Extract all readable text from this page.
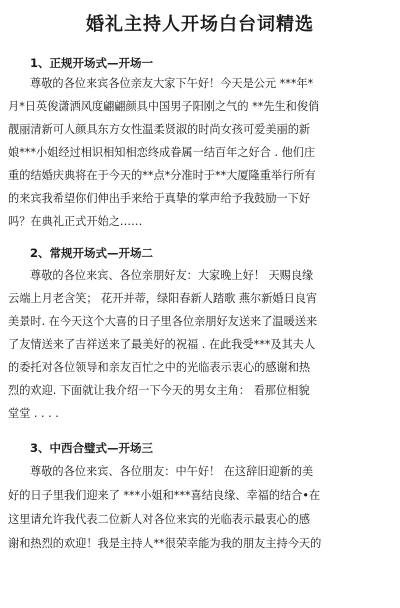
婚礼主持人开场白台词精选
1、正规开场式—开场一
尊敬的各位来宾各位亲友大家下午好！今天是公元 ***年*
月*日英俊潇洒风度翩翩颜具中国男子阳刚之气的 **先生和俊俏
靓丽清新可人颜具东方女性温柔贤淑的时尚女孩可爱美丽的新
娘***小姐经过相识相知相恋终成眷属一结百年之好合 . 他们庄
重的结婚庆典将在于今天的**点*分准时于**大厦隆重举行所有
的来宾我希望你们伸出手来给于真挚的掌声给予我鼓励一下好
吗？在典礼正式开始之……
2、常规开场式—开场二
尊敬的各位来宾、各位亲朋好友：大家晚上好！ 天赐良缘
云端上月老含笑； 花开并蒂，绿阳春新人踏歌 燕尔新婚日良宵
美景时. 在今天这个大喜的日子里各位亲朋好友送来了温暖送来
了友情送来了吉祥送来了最美好的祝福 . 在此我受***及其夫人
的委托对各位领导和亲友百忙之中的光临表示衷心的感谢和热
烈的欢迎. 下面就让我介绍一下今天的男女主角： 看那位相貌
堂堂 . . . .
3、中西合璧式—开场三
尊敬的各位来宾、各位朋友：中午好！ 在这辞旧迎新的美
好的日子里我们迎来了 ***小姐和***喜结良缘、幸福的结合•在
这里请允许我代表二位新人对各位来宾的光临表示最衷心的感
谢和热烈的欢迎！我是主持人**很荣幸能为我的朋友主持今天的
